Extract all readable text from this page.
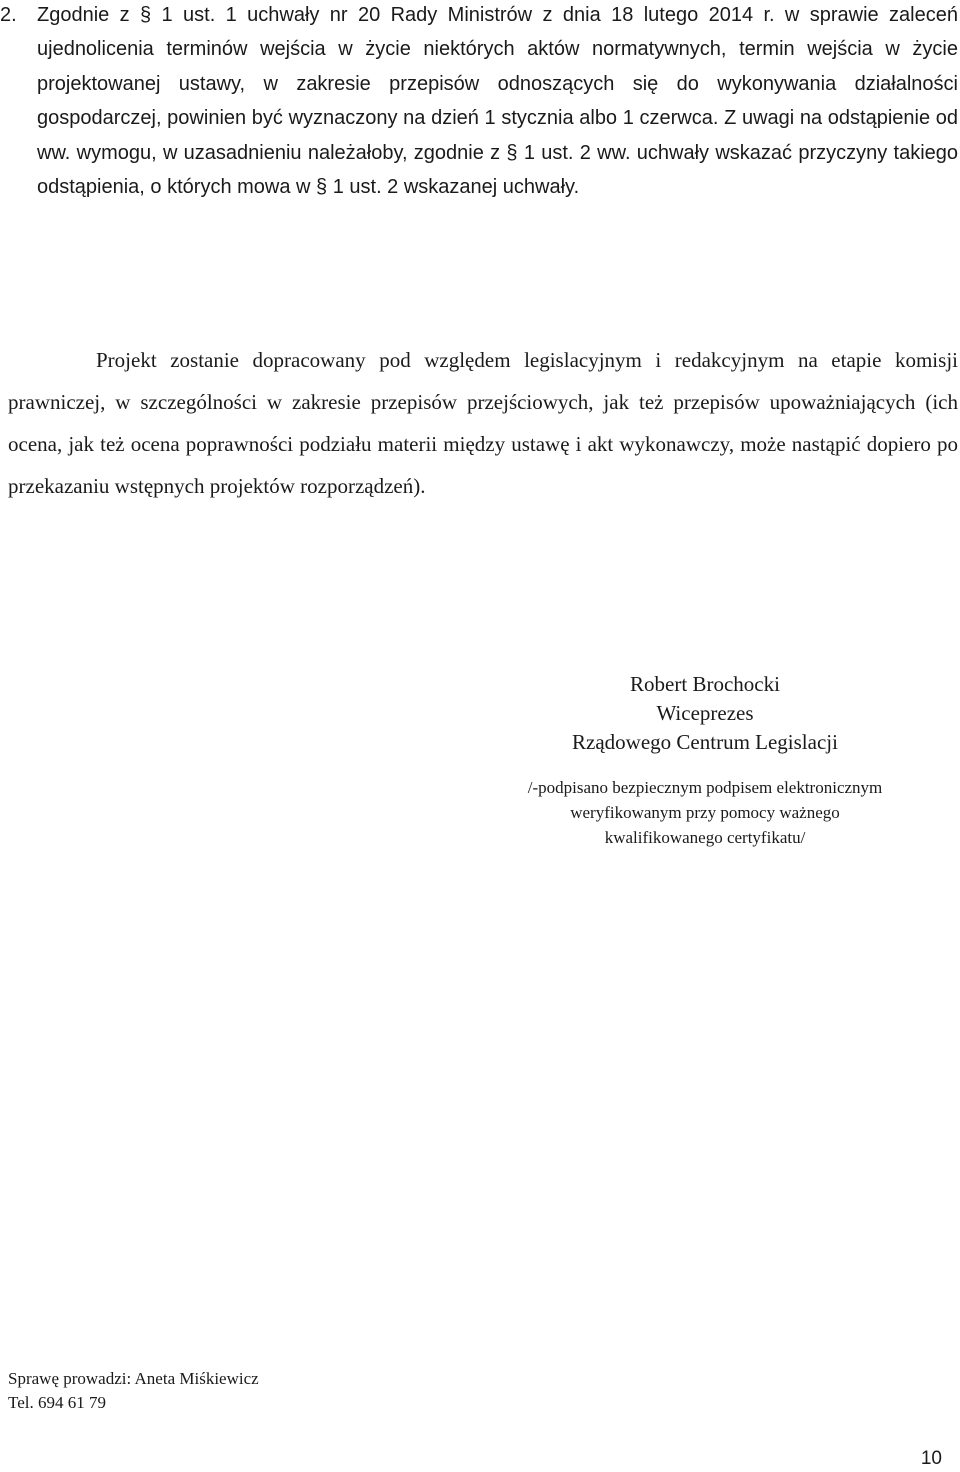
2.	Zgodnie z § 1 ust. 1 uchwały nr 20 Rady Ministrów z dnia 18 lutego 2014 r. w sprawie zaleceń ujednolicenia terminów wejścia w życie niektórych aktów normatywnych, termin wejścia w życie projektowanej ustawy, w zakresie przepisów odnoszących się do wykonywania działalności gospodarczej, powinien być wyznaczony na dzień 1 stycznia albo 1 czerwca. Z uwagi na odstąpienie od ww. wymogu, w uzasadnieniu należałoby, zgodnie z § 1 ust. 2 ww. uchwały wskazać przyczyny takiego odstąpienia, o których mowa w § 1 ust. 2 wskazanej uchwały.
Projekt zostanie dopracowany pod względem legislacyjnym i redakcyjnym na etapie komisji prawniczej, w szczególności w zakresie przepisów przejściowych, jak też przepisów upoważniających (ich ocena, jak też ocena poprawności podziału materii między ustawę i akt wykonawczy, może nastąpić dopiero po przekazaniu wstępnych projektów rozporządzeń).
Robert Brochocki
Wiceprezes
Rządowego Centrum Legislacji
/-podpisano bezpiecznym podpisem elektronicznym
weryfikowanym przy pomocy ważnego
kwalifikowanego certyfikatu/
Sprawę prowadzi: Aneta Miśkiewicz
Tel. 694 61 79
10
